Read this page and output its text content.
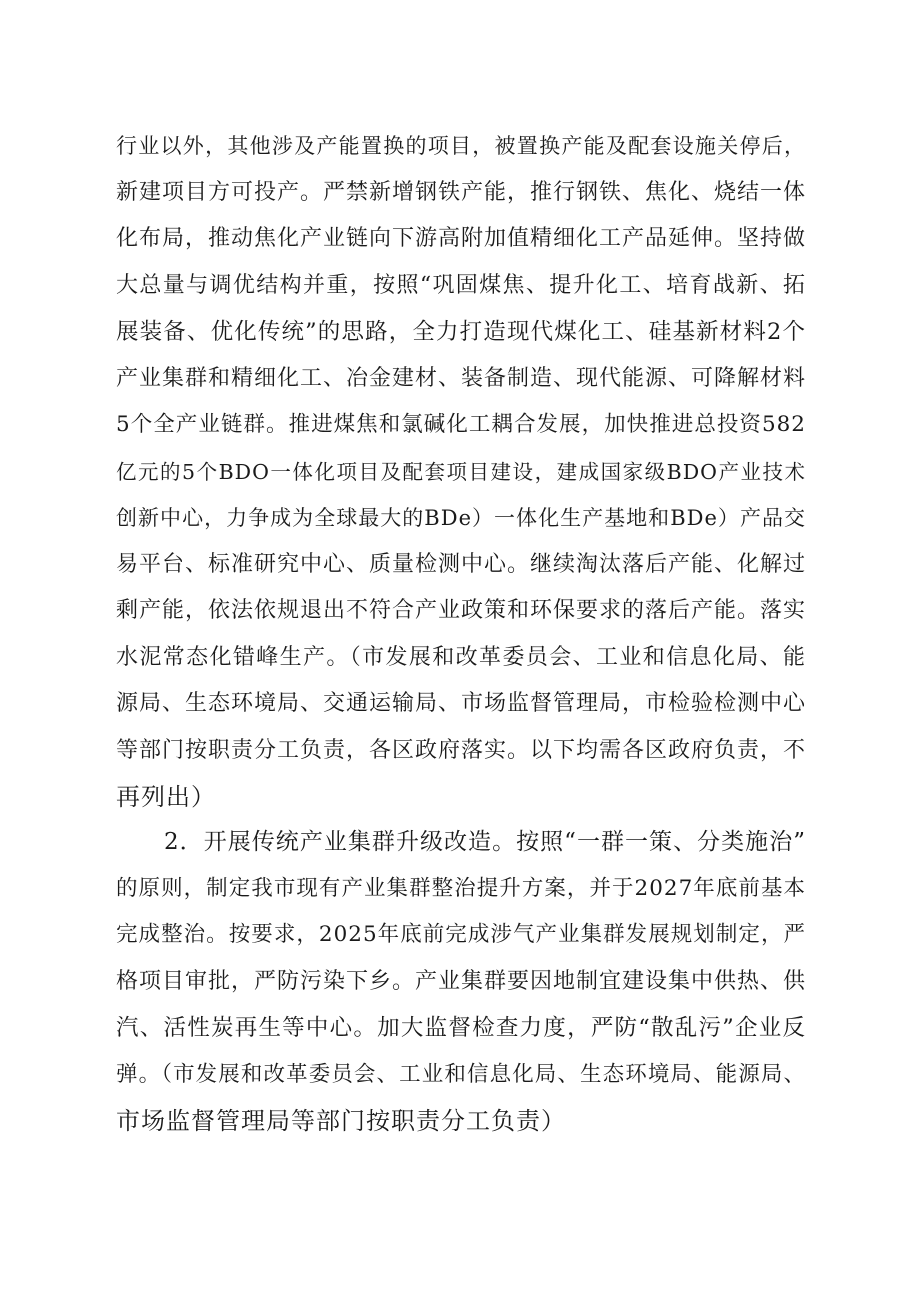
行业以外，其他涉及产能置换的项目，被置换产能及配套设施关停后，
新建项目方可投产。严禁新增钢铁产能，推行钢铁、焦化、烧结一体
化布局，推动焦化产业链向下游高附加值精细化工产品延伸。坚持做
大总量与调优结构并重，按照“巩固煤焦、提升化工、培育战新、拓
展装备、优化传统”的思路，全力打造现代煤化工、硅基新材料2个
产业集群和精细化工、冶金建材、装备制造、现代能源、可降解材料
5个全产业链群。推进煤焦和氯碱化工耦合发展，加快推进总投资582
亿元的5个BDO一体化项目及配套项目建设，建成国家级BDO产业技术
创新中心，力争成为全球最大的BDe）一体化生产基地和BDe）产品交
易平台、标准研究中心、质量检测中心。继续淘汰落后产能、化解过
剩产能，依法依规退出不符合产业政策和环保要求的落后产能。落实
水泥常态化错峰生产。（市发展和改革委员会、工业和信息化局、能
源局、生态环境局、交通运输局、市场监督管理局，市检验检测中心
等部门按职责分工负责，各区政府落实。以下均需各区政府负责，不
再列出）
2．开展传统产业集群升级改造。按照“一群一策、分类施治”
的原则，制定我市现有产业集群整治提升方案，并于2027年底前基本
完成整治。按要求，2025年底前完成涉气产业集群发展规划制定，严
格项目审批，严防污染下乡。产业集群要因地制宜建设集中供热、供
汽、活性炭再生等中心。加大监督检查力度，严防“散乱污”企业反
弹。（市发展和改革委员会、工业和信息化局、生态环境局、能源局、
市场监督管理局等部门按职责分工负责）
